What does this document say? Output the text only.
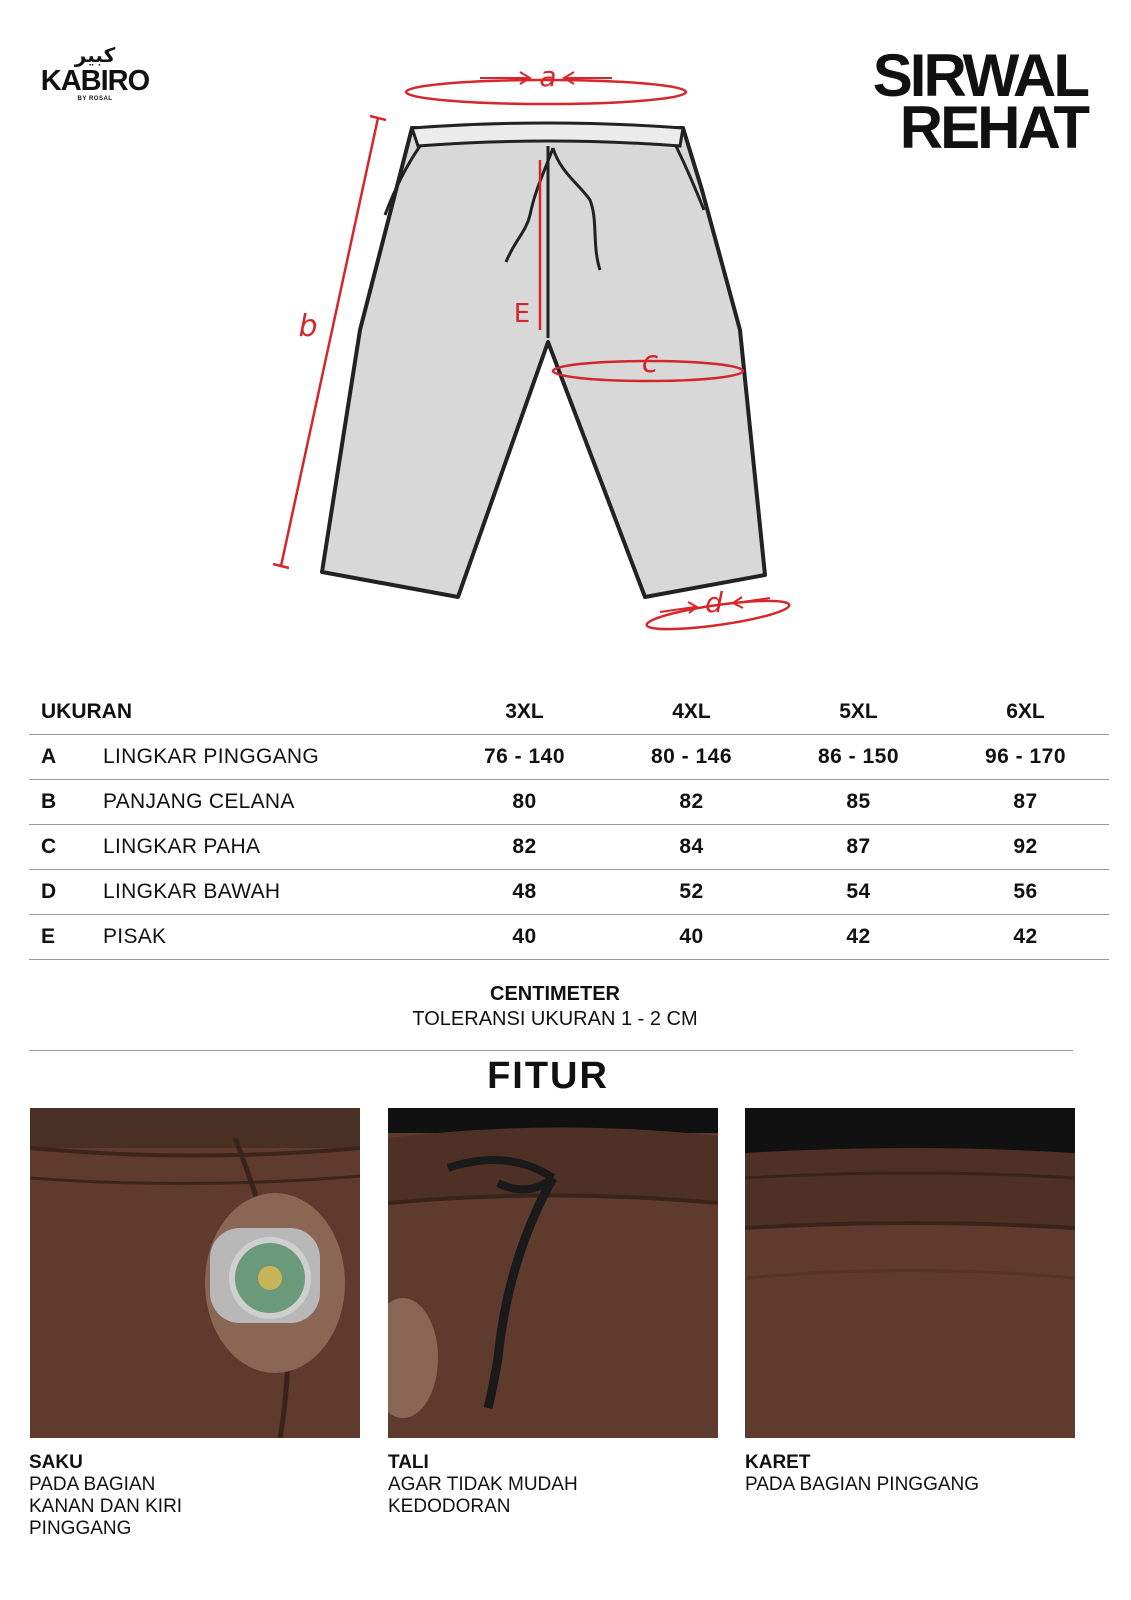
كبير
KABIRO
BY ROSAL	SIRWAL
REHAT
a
b	E
c
d
UKURAN		3XL	4XL	5XL	6XL
A	LINGKAR PINGGANG	76 - 140	80 - 146	86 - 150	96 - 170
B	PANJANG CELANA	80	82	85	87
C	LINGKAR PAHA	82	84	87	92
D	LINGKAR BAWAH	48	52	54	56
E	PISAK	40	40	42	42
CENTIMETER
TOLERANSI UKURAN 1 - 2 CM
FITUR
SAKU
PADA BAGIAN
KANAN DAN KIRI
PINGGANG
TALI
AGAR TIDAK MUDAH
KEDODORAN
KARET
PADA BAGIAN PINGGANG
